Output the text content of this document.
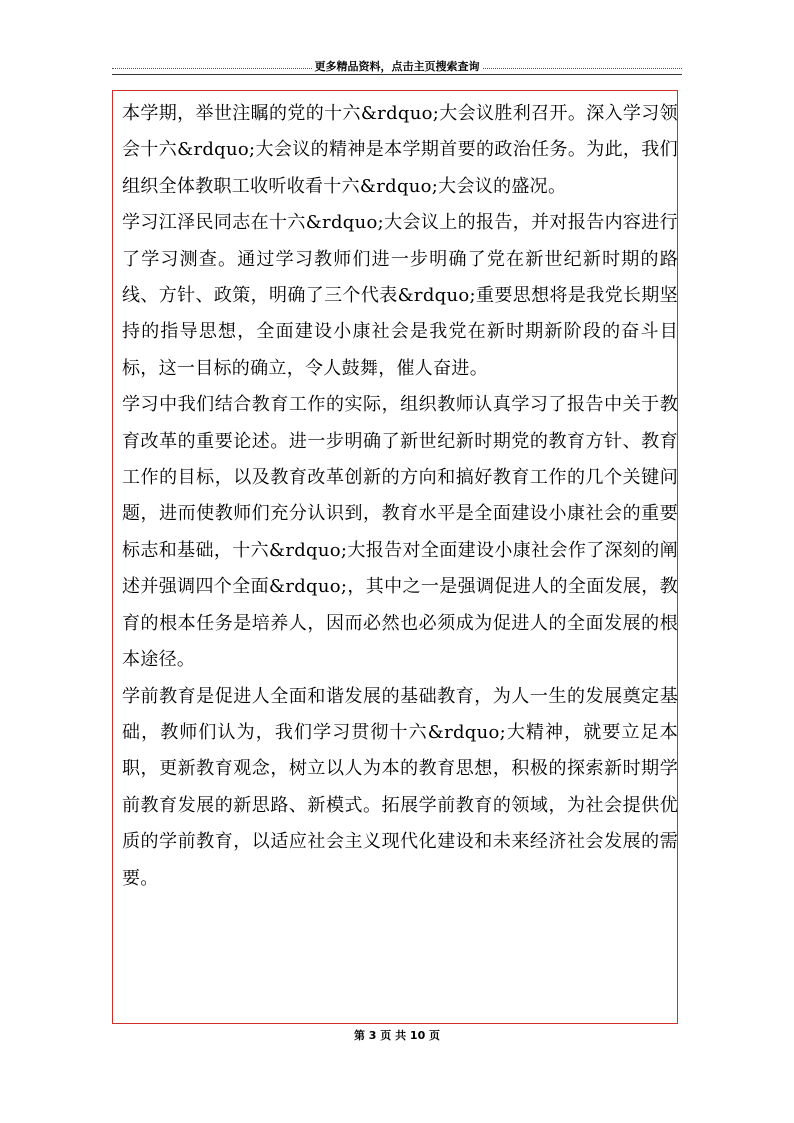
更多精品资料，点击主页搜索查询

本学期，举世注瞩的党的十六&rdquo;大会议胜利召开。深入学习领会十六&rdquo;大会议的精神是本学期首要的政治任务。为此，我们组织全体教职工收听收看十六&rdquo;大会议的盛况。

学习江泽民同志在十六&rdquo;大会议上的报告，并对报告内容进行了学习测查。通过学习教师们进一步明确了党在新世纪新时期的路线、方针、政策，明确了三个代表&rdquo;重要思想将是我党长期坚持的指导思想，全面建设小康社会是我党在新时期新阶段的奋斗目标，这一目标的确立，令人鼓舞，催人奋进。

学习中我们结合教育工作的实际，组织教师认真学习了报告中关于教育改革的重要论述。进一步明确了新世纪新时期党的教育方针、教育工作的目标，以及教育改革创新的方向和搞好教育工作的几个关键问题，进而使教师们充分认识到，教育水平是全面建设小康社会的重要标志和基础，十六&rdquo;大报告对全面建设小康社会作了深刻的阐述并强调四个全面&rdquo;，其中之一是强调促进人的全面发展，教育的根本任务是培养人，因而必然也必须成为促进人的全面发展的根本途径。

学前教育是促进人全面和谐发展的基础教育，为人一生的发展奠定基础，教师们认为，我们学习贯彻十六&rdquo;大精神，就要立足本职，更新教育观念，树立以人为本的教育思想，积极的探索新时期学前教育发展的新思路、新模式。拓展学前教育的领域，为社会提供优质的学前教育，以适应社会主义现代化建设和未来经济社会发展的需要。

第 3 页 共 10 页
